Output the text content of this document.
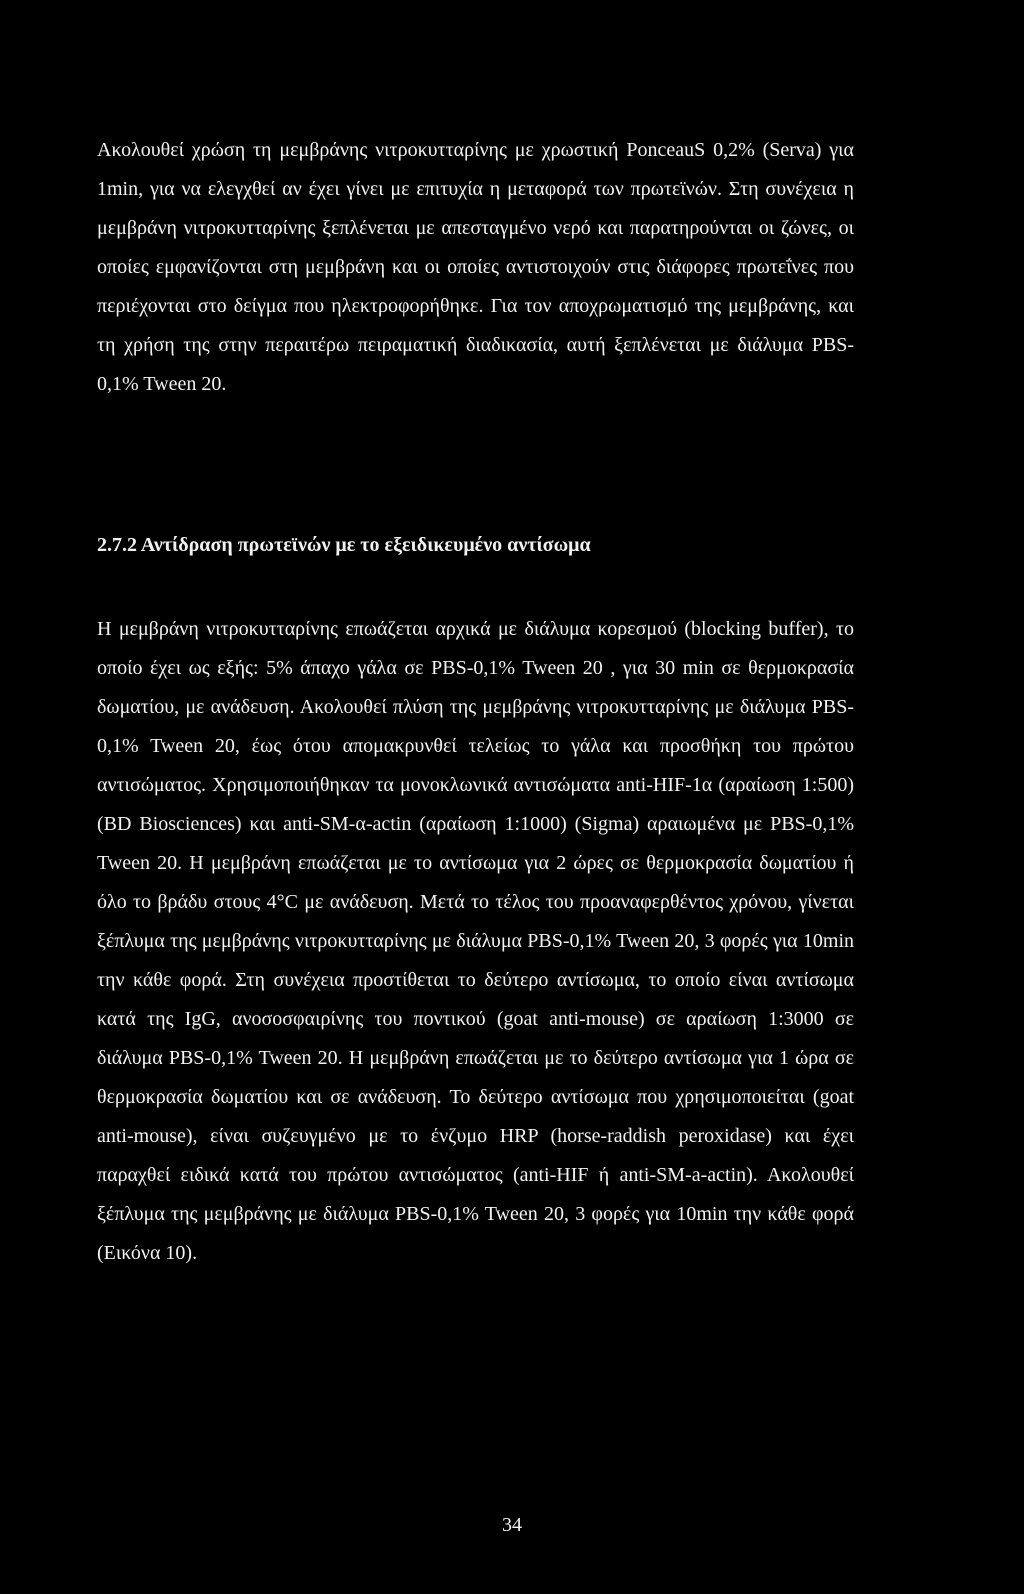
Ακολουθεί χρώση τη μεμβράνης νιτροκυτταρίνης με χρωστική PonceauS 0,2% (Serva) για 1min, για να ελεγχθεί αν έχει γίνει με επιτυχία η μεταφορά των πρωτεϊνών. Στη συνέχεια η μεμβράνη νιτροκυτταρίνης ξεπλένεται με απεσταγμένο νερό και παρατηρούνται οι ζώνες, οι οποίες εμφανίζονται στη μεμβράνη και οι οποίες αντιστοιχούν στις διάφορες πρωτεΐνες που περιέχονται στο δείγμα που ηλεκτροφορήθηκε. Για τον αποχρωματισμό της μεμβράνης, και τη χρήση της στην περαιτέρω πειραματική διαδικασία, αυτή ξεπλένεται με διάλυμα PBS- 0,1% Tween 20.

2.7.2 Αντίδραση πρωτεϊνών με το εξειδικευμένο αντίσωμα

Η μεμβράνη νιτροκυτταρίνης επωάζεται αρχικά με διάλυμα κορεσμού (blocking buffer), το οποίο έχει ως εξής: 5% άπαχο γάλα σε PBS-0,1% Tween 20 , για 30 min σε θερμοκρασία δωματίου, με ανάδευση. Ακολουθεί πλύση της μεμβράνης νιτροκυτταρίνης με διάλυμα PBS-0,1% Tween 20, έως ότου απομακρυνθεί τελείως το γάλα και προσθήκη του πρώτου αντισώματος. Χρησιμοποιήθηκαν τα μονοκλωνικά αντισώματα anti-HIF-1α (αραίωση 1:500) (BD Biosciences) και anti-SM-α-actin (αραίωση 1:1000) (Sigma) αραιωμένα με PBS-0,1% Tween 20. Η μεμβράνη επωάζεται με το αντίσωμα για 2 ώρες σε θερμοκρασία δωματίου ή όλο το βράδυ στους 4°C με ανάδευση. Μετά το τέλος του προαναφερθέντος χρόνου, γίνεται ξέπλυμα της μεμβράνης νιτροκυτταρίνης με διάλυμα PBS-0,1% Tween 20, 3 φορές για 10min την κάθε φορά. Στη συνέχεια προστίθεται το δεύτερο αντίσωμα, το οποίο είναι αντίσωμα κατά της IgG, ανοσοσφαιρίνης του ποντικού (goat anti-mouse) σε αραίωση 1:3000 σε διάλυμα PBS-0,1% Tween 20. Η μεμβράνη επωάζεται με το δεύτερο αντίσωμα για 1 ώρα σε θερμοκρασία δωματίου και σε ανάδευση. Το δεύτερο αντίσωμα που χρησιμοποιείται (goat anti-mouse), είναι συζευγμένο με το ένζυμο HRP (horse-raddish peroxidase) και έχει παραχθεί ειδικά κατά του πρώτου αντισώματος (anti-HIF ή anti-SM-a-actin). Ακολουθεί ξέπλυμα της μεμβράνης με διάλυμα PBS-0,1% Tween 20, 3 φορές για 10min την κάθε φορά (Εικόνα 10).

34
